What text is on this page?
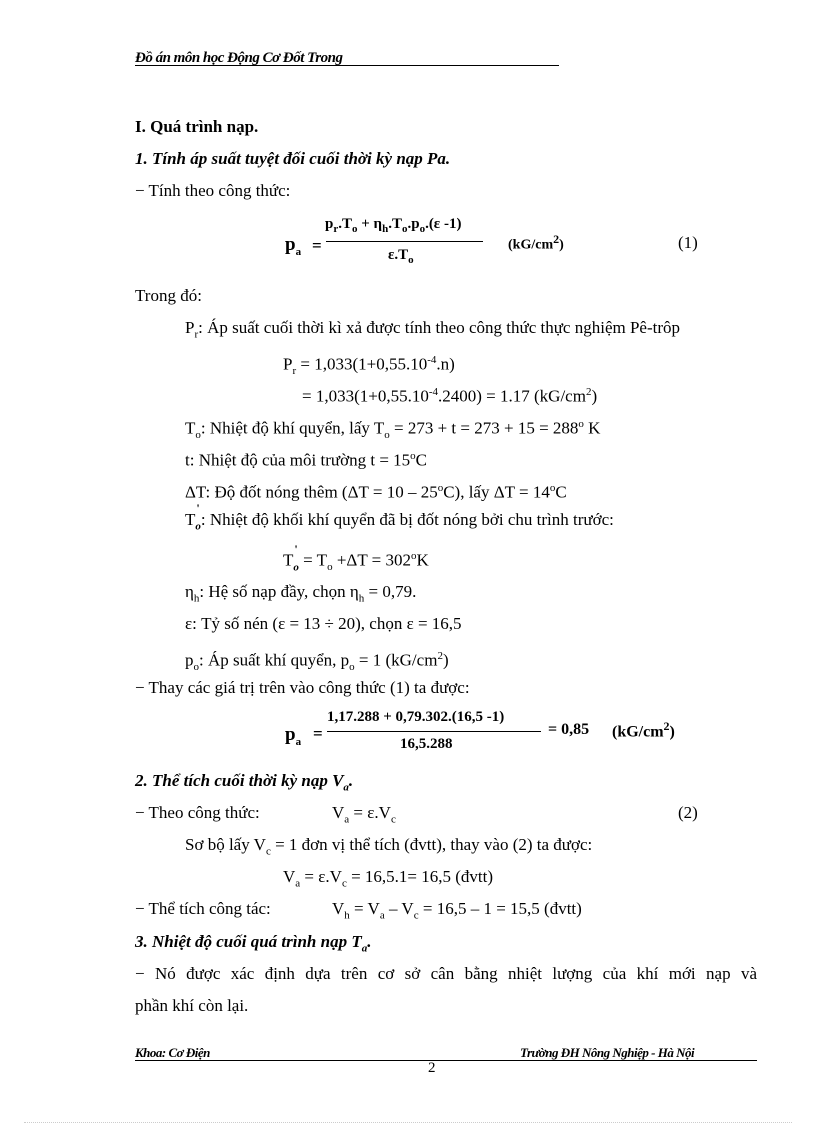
Đồ án môn học Động Cơ Đốt Trong
I. Quá trình nạp.
1. Tính áp suất tuyệt đối cuối thời kỳ nạp Pa.
− Tính theo công thức:
$p_a$ =
$p_r.T_o + \eta_h.T_o.p_o.(\varepsilon$ -1)
$\varepsilon.T_o$
$(kG/cm^2)$	(1)
Trong đó:
$P_r$: Áp suất cuối thời kì xả được tính theo công thức thực nghiệm Pê-trôp
$P_r = 1,033(1+0,55.10^{-4}.n)$
= $1,033(1+0,55.10^{-4}.2400) = 1.17$ $(kG/cm^2)$
$T_o$: Nhiệt độ khí quyển, lấy $T_o = 273 + t = 273 + 15 = 288^o$ K
t: Nhiệt độ của môi trường $t = 15^oC$
ΔT: Độ đốt nóng thêm (ΔT = 10 – 25$^o$C), lấy $\Delta T = 14^oC$
T
'
$_o$: Nhiệt độ khối khí quyển đã bị đốt nóng bởi chu trình trước:
T
'
$_o = T_o +\Delta T = 302^oK$
$\eta_h$: Hệ số nạp đầy, chọn $\eta_h = 0,79$.
ε: Tỷ số nén (ε = 13 ÷ 20), chọn ε = 16,5
$p_o$: Áp suất khí quyển, $p_o = 1$ $(kG/cm^2)$
− Thay các giá trị trên vào công thức (1) ta được:
$p_a$ =
1,17.288 + 0,79.302.(16,5 -1)
16,5.288
= 0,85 $(kG/cm^2)$
2. Thể tích cuối thời kỳ nạp $V_a$.
− Theo công thức:	$V_a = \varepsilon.V_c$	(2)
Sơ bộ lấy $V_c = 1$ đơn vị thể tích (đvtt), thay vào (2) ta được:
$V_a = \varepsilon.V_c = 16,5.1= 16,5$ (đvtt)
− Thể tích công tác:	$V_h = V_a - V_c = 16,5 - 1 = 15,5$ (đvtt)
3. Nhiệt độ cuối quá trình nạp $T_a$.
− Nó được xác định dựa trên cơ sở cân bằng nhiệt lượng của khí mới nạp và
phần khí còn lại.
Khoa: Cơ Điện	Trường ĐH Nông Nghiệp - Hà Nội
2
